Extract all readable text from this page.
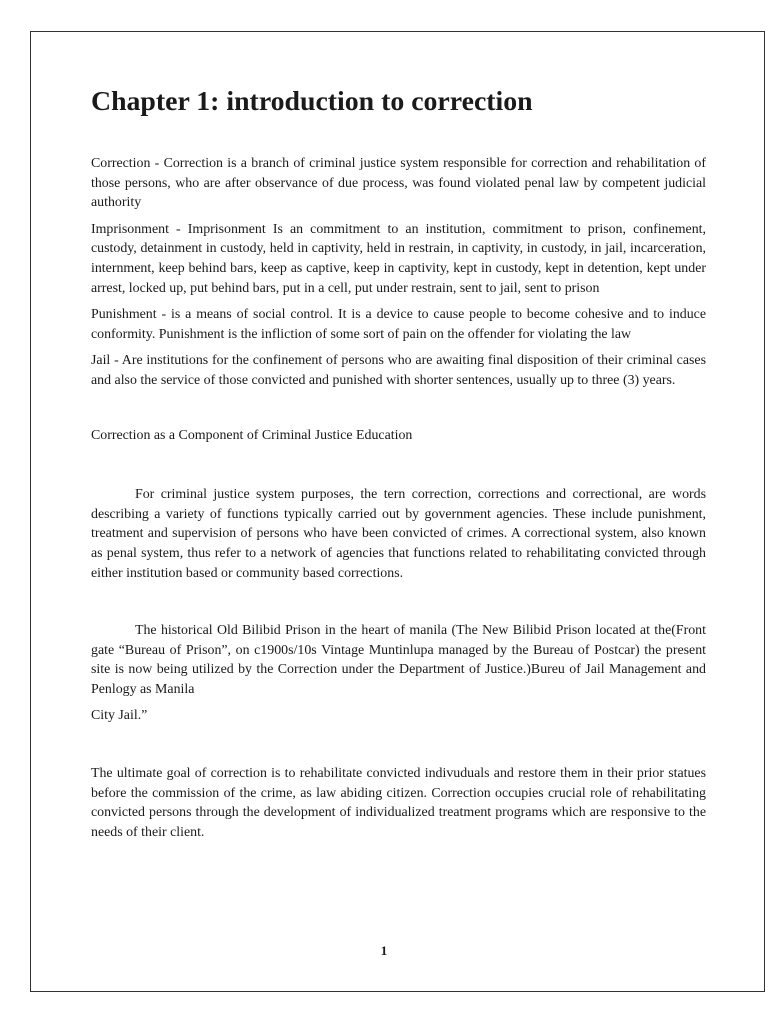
Chapter 1: introduction to correction

Correction - Correction is a branch of criminal justice system responsible for correction and rehabilitation of those persons, who are after observance of due process, was found violated penal law by competent judicial authority

Imprisonment - Imprisonment Is an commitment to an institution, commitment to prison, confinement, custody, detainment in custody, held in captivity, held in restrain, in captivity, in custody, in jail, incarceration, internment, keep behind bars, keep as captive, keep in captivity, kept in custody, kept in detention, kept under arrest, locked up, put behind bars, put in a cell, put under restrain, sent to jail, sent to prison

Punishment - is a means of social control. It is a device to cause people to become cohesive and to induce conformity. Punishment is the infliction of some sort of pain on the offender for violating the law

Jail - Are institutions for the confinement of persons who are awaiting final disposition of their criminal cases and also the service of those convicted and punished with shorter sentences, usually up to three (3) years.

Correction as a Component of Criminal Justice Education

For criminal justice system purposes, the tern correction, corrections and correctional, are words describing a variety of functions typically carried out by government agencies. These include punishment, treatment and supervision of persons who have been convicted of crimes. A correctional system, also known as penal system, thus refer to a network of agencies that functions related to rehabilitating convicted through either institution based or community based corrections.

The historical Old Bilibid Prison in the heart of manila (The New Bilibid Prison located at the(Front gate “Bureau of Prison”, on c1900s/10s Vintage Muntinlupa managed by the Bureau of Postcar) the present site is now being utilized by the Correction under the Department of Justice.)Bureu of Jail Management and Penlogy as Manila

City Jail.”

The ultimate goal of correction is to rehabilitate convicted indivuduals and restore them in their prior statues before the commission of the crime, as law abiding citizen. Correction occupies crucial role of rehabilitating convicted persons through the development of individualized treatment programs which are responsive to the needs of their client.

1
